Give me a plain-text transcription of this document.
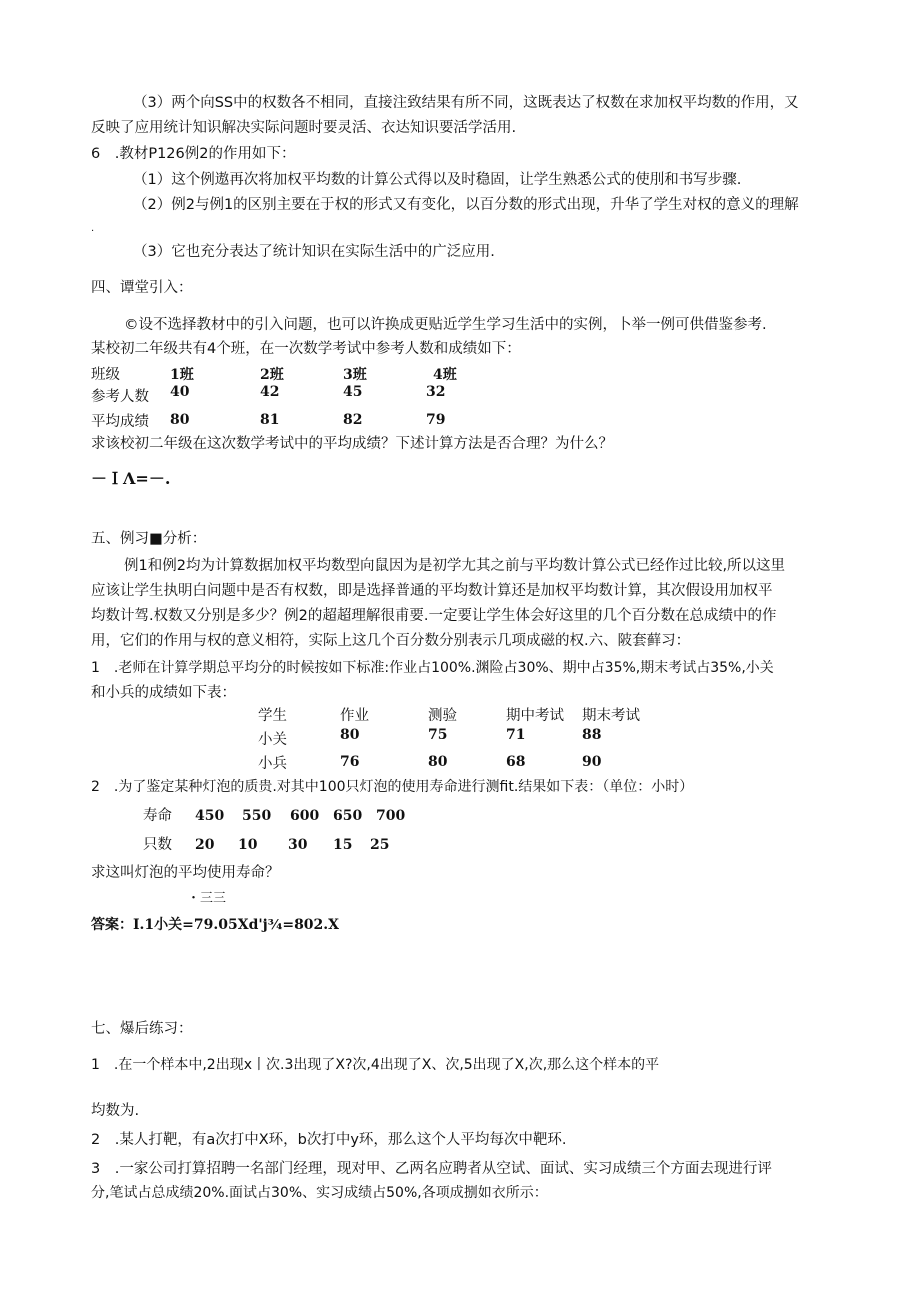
（3）两个向SS中的权数各不相同，直接注致结果有所不同，这既表达了权数在求加权平均数的作用，又
反映了应用统计知识解决实际问题时要灵活、衣达知识要活学活用.
6　.教材P126例2的作用如下：
（1）这个例遨再次将加权平均数的计算公式得以及时稳固，让学生熟悉公式的使刖和书写步骤.
（2）例2与例1的区别主要在于权的形式又有变化，以百分数的形式出现，升华了学生对权的意义的理解
.
（3）它也充分表达了统计知识在实际生活中的广泛应用.
四、谭堂引入：
©设不选择教材中的引入问题，也可以许换成更贴近学生学习生活中的实例，卜举一例可供借鉴参考.
某校初二年级共有4个班，在一次数学考试中参考人数和成绩如下：
班级	1班	2班	3班	4班
参考人数 40	42	45	32
平均成绩 80	81	82	79
求该校初二年级在这次数学考试中的平均成绩？下述计算方法是否合理？为什么？
－ＩΛ=－.
五、例习■分析：
例1和例2均为计算数据加权平均数型向鼠因为是初学尢其之前与平均数计算公式已经作过比较,所以这里
应该让学生执明白问题中是否有权数，即是选择普通的平均数计算还是加权平均数计算，其次假设用加权平
均数计驾.权数又分别是多少？例2的超超理解很甫要.一定要让学生体会好这里的几个百分数在总成绩中的作
用，它们的作用与权的意义相符，实际上这几个百分数分别表示几项成磁的权.六、陂套藓习：
1　.老师在计算学期总平均分的时候按如下标准:作业占100%.渊险占30%、期中占35%,期末考试占35%,小关
和小兵的成绩如下表：
学生	作业	测验	期中考试 期末考试
小关	80	75	71	88
小兵	76	80	68	90
2　.为了鉴定某种灯泡的质贵.对其中100只灯泡的使用寿命进行测fit.结果如下表：（单位：小时）
寿命 450 550 600 650 700
只数 20 10 30 15 25
求这叫灯泡的平均使用寿命？
・三三
答案：I.1小关=79.05Xd'j¾=802.X
七、爆后练习：
1　.在一个样本中,2出现x丨次.3出现了X?次,4出现了X、次,5出现了X,次,那么这个样本的平
均数为.
2　.某人打靶，有a次打中X环，b次打中y环，那么这个人平均每次中靶环.
3　.一家公司打算招聘一名部门经理，现对甲、乙两名应聘者从空试、面试、实习成绩三个方面去现进行评
分,笔试占总成绩20%.面试占30%、实习成绩占50%,各项成捌如衣所示：
